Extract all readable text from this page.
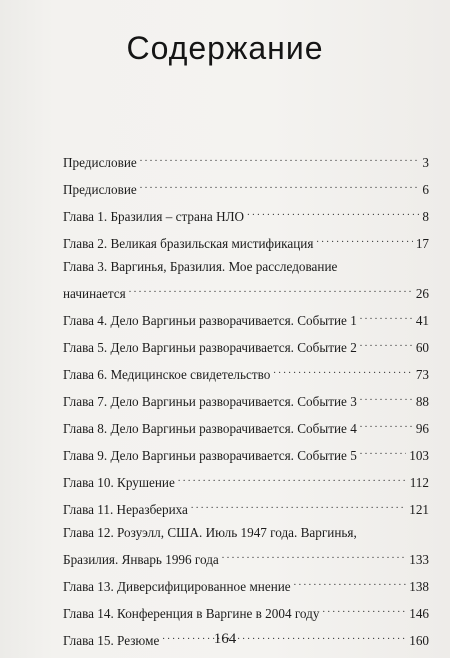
Содержание
Предисловие . . .	3
Предисловие . . .	6
Глава 1. Бразилия – страна НЛО . . .	8
Глава 2. Великая бразильская мистификация . . .	17
Глава 3. Варгинья, Бразилия. Мое расследование
начинается . . .	26
Глава 4. Дело Варгиньи разворачивается. Событие 1 . . .	41
Глава 5. Дело Варгиньи разворачивается. Событие 2 . . .	60
Глава 6. Медицинское свидетельство . . .	73
Глава 7. Дело Варгиньи разворачивается. Событие 3 . . .	88
Глава 8. Дело Варгиньи разворачивается. Событие 4 . . .	96
Глава 9. Дело Варгиньи разворачивается. Событие 5 . . .	103
Глава 10. Крушение . . .	112
Глава 11. Неразбериха . . .	121
Глава 12. Розуэлл, США. Июль 1947 года. Варгинья,
Бразилия. Январь 1996 года . . .	133
Глава 13. Диверсифицированное мнение . . .	138
Глава 14. Конференция в Варгине в 2004 году . . .	146
Глава 15. Резюме . . .	160
164
